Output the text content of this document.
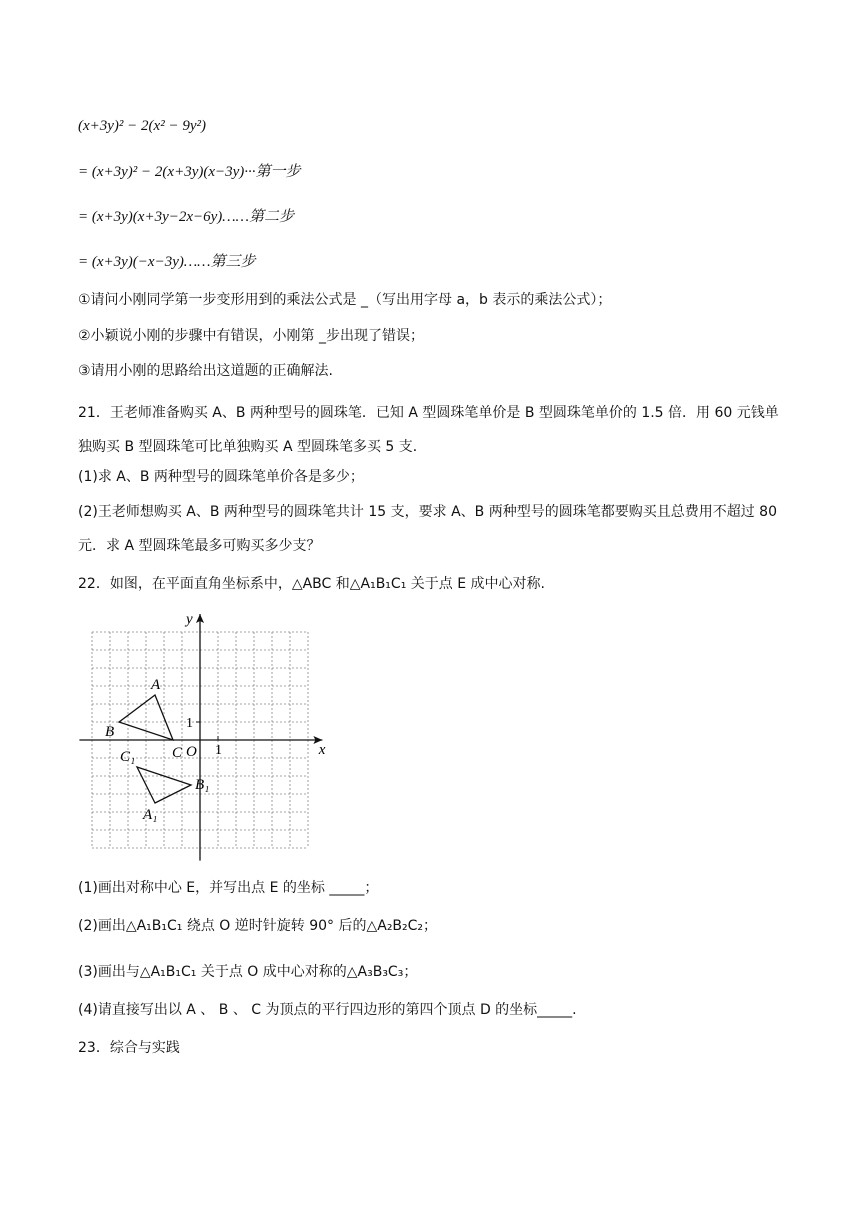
(x+3y)² − 2(x² − 9y²)
= (x+3y)² − 2(x+3y)(x−3y)···第一步
= (x+3y)(x+3y−2x−6y)……第二步
= (x+3y)(−x−3y)……第三步
①请问小刚同学第一步变形用到的乘法公式是 _（写出用字母 a，b 表示的乘法公式）；
②小颖说小刚的步骤中有错误，小刚第 _步出现了错误；
③请用小刚的思路给出这道题的正确解法.
21．王老师准备购买 A、B 两种型号的圆珠笔．已知 A 型圆珠笔单价是 B 型圆珠笔单价的 1.5 倍．用 60 元钱单独购买 B 型圆珠笔可比单独购买 A 型圆珠笔多买 5 支．
(1)求 A、B 两种型号的圆珠笔单价各是多少；
(2)王老师想购买 A、B 两种型号的圆珠笔共计 15 支，要求 A、B 两种型号的圆珠笔都要购买且总费用不超过 80 元．求 A 型圆珠笔最多可购买多少支？
22．如图，在平面直角坐标系中，△ABC 和△A₁B₁C₁ 关于点 E 成中心对称.
x
y
O 1
1
A
B
C
A₁
B₁
C₁
(1)画出对称中心 E，并写出点 E 的坐标 _____；
(2)画出△A₁B₁C₁ 绕点 O 逆时针旋转 90° 后的△A₂B₂C₂；
(3)画出与△A₁B₁C₁ 关于点 O 成中心对称的△A₃B₃C₃；
(4)请直接写出以 A 、 B 、 C 为顶点的平行四边形的第四个顶点 D 的坐标_____.
23．综合与实践
